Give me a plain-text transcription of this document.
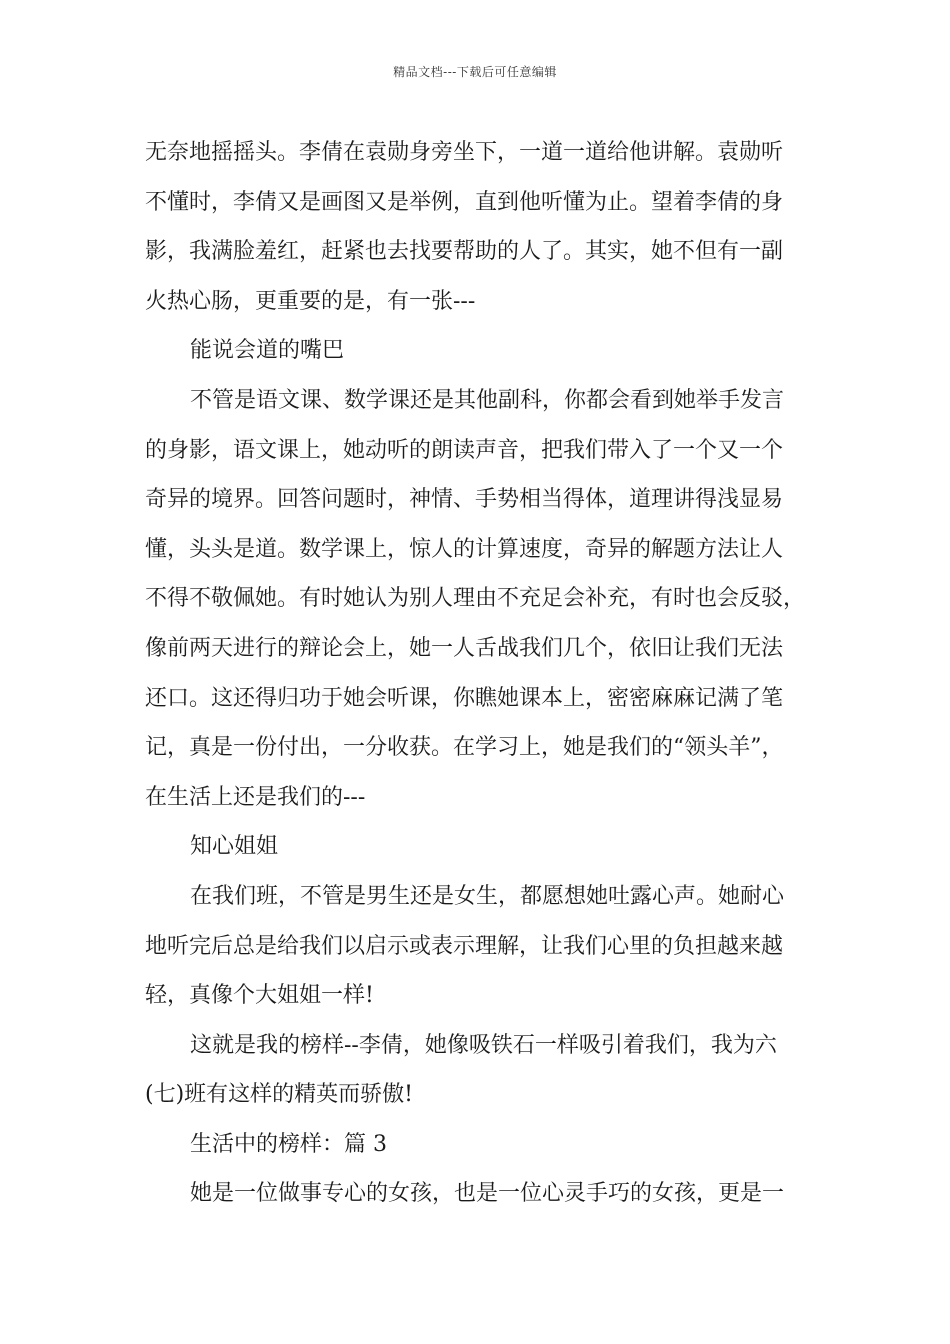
精品文档---下载后可任意编辑
无奈地摇摇头。李倩在袁勋身旁坐下，一道一道给他讲解。袁勋听
不懂时，李倩又是画图又是举例，直到他听懂为止。望着李倩的身
影，我满脸羞红，赶紧也去找要帮助的人了。其实，她不但有一副
火热心肠，更重要的是，有一张---
能说会道的嘴巴
不管是语文课、数学课还是其他副科，你都会看到她举手发言
的身影，语文课上，她动听的朗读声音，把我们带入了一个又一个
奇异的境界。回答问题时，神情、手势相当得体，道理讲得浅显易
懂，头头是道。数学课上，惊人的计算速度，奇异的解题方法让人
不得不敬佩她。有时她认为别人理由不充足会补充，有时也会反驳，
像前两天进行的辩论会上，她一人舌战我们几个，依旧让我们无法
还口。这还得归功于她会听课，你瞧她课本上，密密麻麻记满了笔
记，真是一份付出，一分收获。在学习上，她是我们的“领头羊”，
在生活上还是我们的---
知心姐姐
在我们班，不管是男生还是女生，都愿想她吐露心声。她耐心
地听完后总是给我们以启示或表示理解，让我们心里的负担越来越
轻，真像个大姐姐一样!
这就是我的榜样--李倩，她像吸铁石一样吸引着我们，我为六
(七)班有这样的精英而骄傲!
生活中的榜样：篇 3
她是一位做事专心的女孩，也是一位心灵手巧的女孩，更是一
